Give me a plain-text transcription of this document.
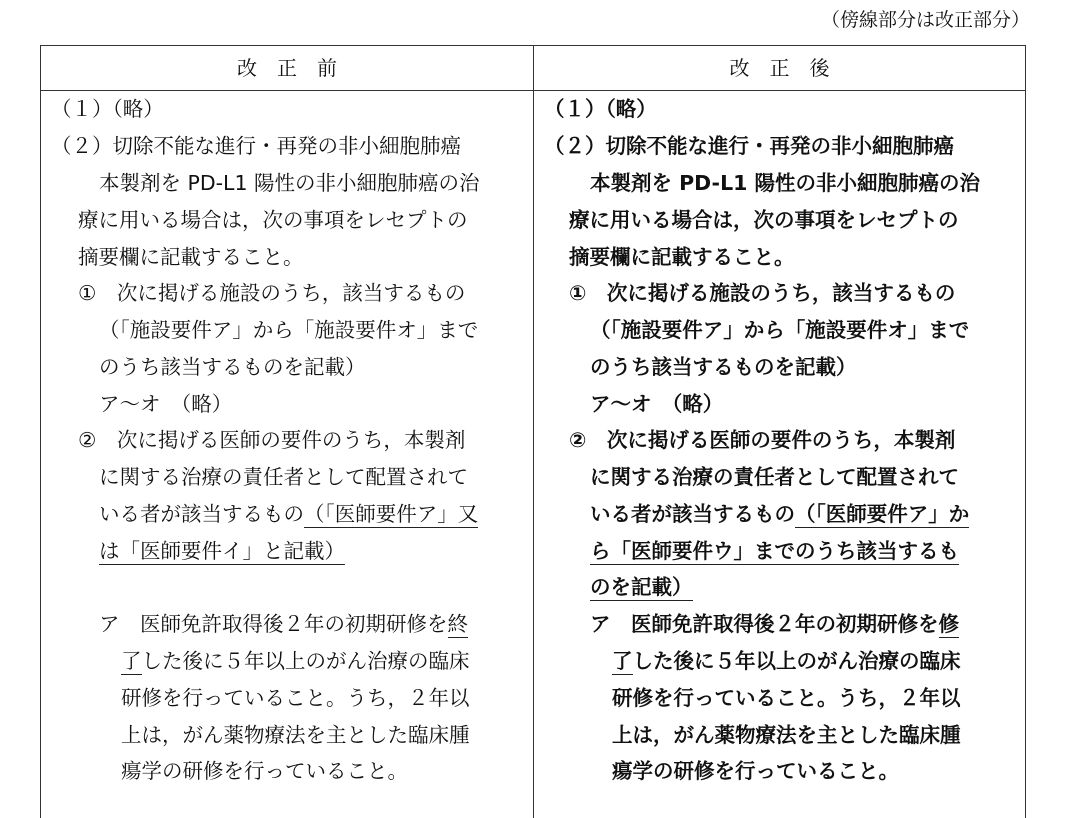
（傍線部分は改正部分）
改　正　前	改　正　後
（１）（略）
（２）切除不能な進行・再発の非小細胞肺癌
本製剤を PD-L1 陽性の非小細胞肺癌の治
療に用いる場合は，次の事項をレセプトの
摘要欄に記載すること。
①　次に掲げる施設のうち，該当するもの
（「施設要件ア」から「施設要件オ」まで
のうち該当するものを記載）
ア～オ　（略）
②　次に掲げる医師の要件のうち，本製剤
に関する治療の責任者として配置されて
いる者が該当するもの（「医師要件ア」又
は「医師要件イ」と記載）
ア　医師免許取得後２年の初期研修を終
了した後に５年以上のがん治療の臨床
研修を行っていること。うち，２年以
上は，がん薬物療法を主とした臨床腫
瘍学の研修を行っていること。
（１）（略）
（２）切除不能な進行・再発の非小細胞肺癌
本製剤を PD-L1 陽性の非小細胞肺癌の治
療に用いる場合は，次の事項をレセプトの
摘要欄に記載すること。
①　次に掲げる施設のうち，該当するもの
（「施設要件ア」から「施設要件オ」まで
のうち該当するものを記載）
ア～オ　（略）
②　次に掲げる医師の要件のうち，本製剤
に関する治療の責任者として配置されて
いる者が該当するもの（「医師要件ア」か
ら「医師要件ウ」までのうち該当するも
のを記載）
ア　医師免許取得後２年の初期研修を修
了した後に５年以上のがん治療の臨床
研修を行っていること。うち，２年以
上は，がん薬物療法を主とした臨床腫
瘍学の研修を行っていること。
